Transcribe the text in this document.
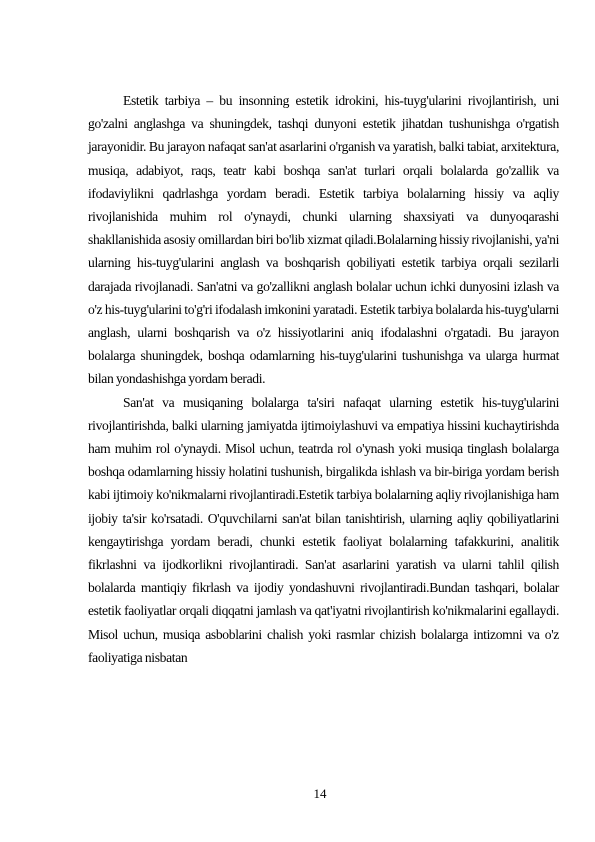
Estetik tarbiya – bu insonning estetik idrokini, his-tuyg'ularini rivojlantirish, uni go'zalni anglashga va shuningdek, tashqi dunyoni estetik jihatdan tushunishga o'rgatish jarayonidir. Bu jarayon nafaqat san'at asarlarini o'rganish va yaratish, balki tabiat, arxitektura, musiqa, adabiyot, raqs, teatr kabi boshqa san'at turlari orqali bolalarda go'zallik va ifodaviylikni qadrlashga yordam beradi. Estetik tarbiya bolalarning hissiy va aqliy rivojlanishida muhim rol o'ynaydi, chunki ularning shaxsiyati va dunyoqarashi shakllanishida asosiy omillardan biri bo'lib xizmat qiladi.Bolalarning hissiy rivojlanishi, ya'ni ularning his-tuyg'ularini anglash va boshqarish qobiliyati estetik tarbiya orqali sezilarli darajada rivojlanadi. San'atni va go'zallikni anglash bolalar uchun ichki dunyosini izlash va o'z his-tuyg'ularini to'g'ri ifodalash imkonini yaratadi. Estetik tarbiya bolalarda his-tuyg'ularni anglash, ularni boshqarish va o'z hissiyotlarini aniq ifodalashni o'rgatadi. Bu jarayon bolalarga shuningdek, boshqa odamlarning his-tuyg'ularini tushunishga va ularga hurmat bilan yondashishga yordam beradi.

San'at va musiqaning bolalarga ta'siri nafaqat ularning estetik his-tuyg'ularini rivojlantirishda, balki ularning jamiyatda ijtimoiylashuvi va empatiya hissini kuchaytirishda ham muhim rol o'ynaydi. Misol uchun, teatrda rol o'ynash yoki musiqa tinglash bolalarga boshqa odamlarning hissiy holatini tushunish, birgalikda ishlash va bir-biriga yordam berish kabi ijtimoiy ko'nikmalarni rivojlantiradi.Estetik tarbiya bolalarning aqliy rivojlanishiga ham ijobiy ta'sir ko'rsatadi. O'quvchilarni san'at bilan tanishtirish, ularning aqliy qobiliyatlarini kengaytirishga yordam beradi, chunki estetik faoliyat bolalarning tafakkurini, analitik fikrlashni va ijodkorlikni rivojlantiradi. San'at asarlarini yaratish va ularni tahlil qilish bolalarda mantiqiy fikrlash va ijodiy yondashuvni rivojlantiradi.Bundan tashqari, bolalar estetik faoliyatlar orqali diqqatni jamlash va qat'iyatni rivojlantirish ko'nikmalarini egallaydi. Misol uchun, musiqa asboblarini chalish yoki rasmlar chizish bolalarga intizomni va o'z faoliyatiga nisbatan

14
